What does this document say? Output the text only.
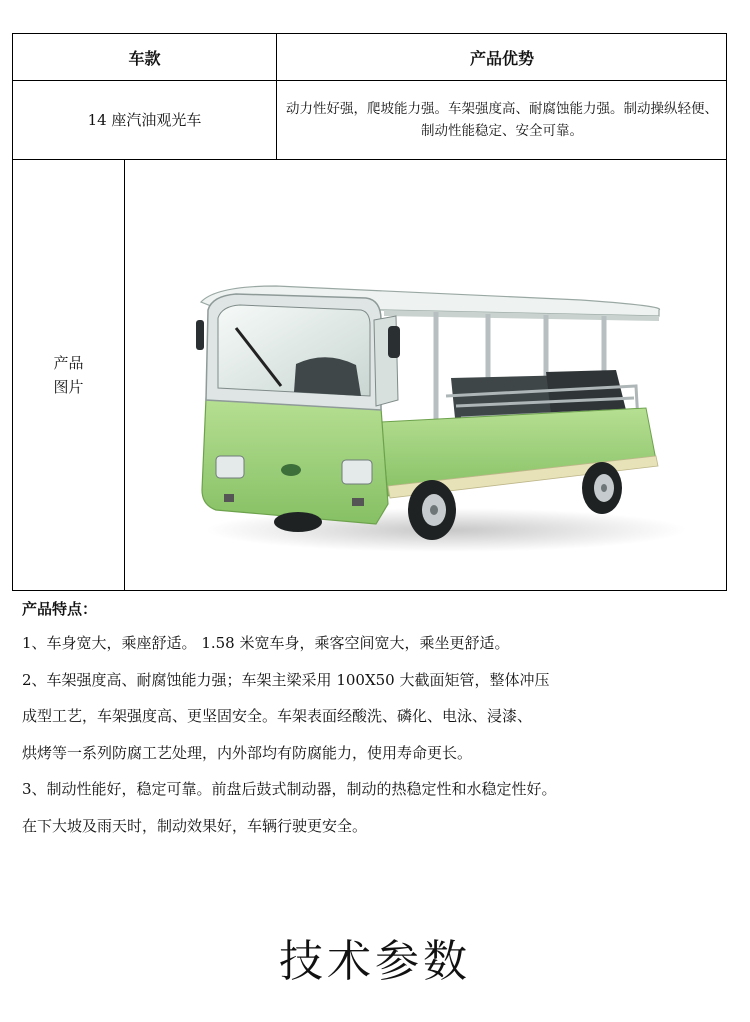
车款	产品优势
14 座汽油观光车
动力性好强，爬坡能力强。车架强度高、耐腐蚀能力强。制动操纵轻便、制动性能稳定、安全可靠。
产品
图片
产品特点：
1、车身宽大，乘座舒适。 1.58 米宽车身，乘客空间宽大，乘坐更舒适。
2、车架强度高、耐腐蚀能力强；车架主梁采用 100X50 大截面矩管，整体冲压
成型工艺，车架强度高、更坚固安全。车架表面经酸洗、磷化、电泳、浸漆、
烘烤等一系列防腐工艺处理，内外部均有防腐能力，使用寿命更长。
3、制动性能好，稳定可靠。前盘后鼓式制动器，制动的热稳定性和水稳定性好。
在下大坡及雨天时，制动效果好，车辆行驶更安全。
技术参数
